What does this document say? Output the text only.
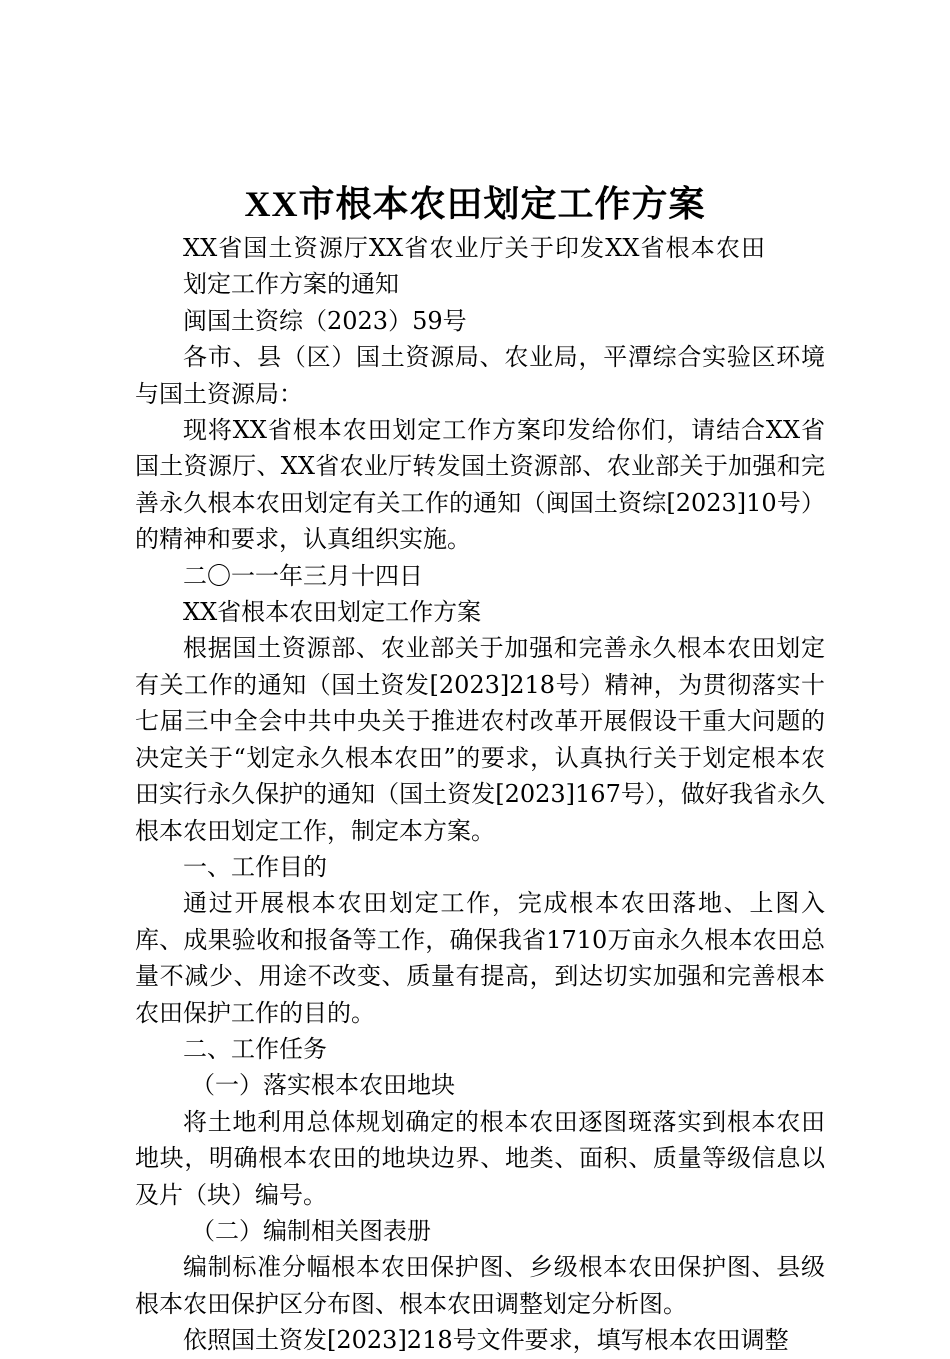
XX市根本农田划定工作方案

XX省国土资源厅XX省农业厅关于印发XX省根本农田划定工作方案的通知

闽国土资综（2023）59号

各市、县（区）国土资源局、农业局，平潭综合实验区环境与国土资源局：

现将XX省根本农田划定工作方案印发给你们，请结合XX省国土资源厅、XX省农业厅转发国土资源部、农业部关于加强和完善永久根本农田划定有关工作的通知（闽国土资综[2023]10号）的精神和要求，认真组织实施。

二〇一一年三月十四日

XX省根本农田划定工作方案

根据国土资源部、农业部关于加强和完善永久根本农田划定有关工作的通知（国土资发[2023]218号）精神，为贯彻落实十七届三中全会中共中央关于推进农村改革开展假设干重大问题的决定关于“划定永久根本农田”的要求，认真执行关于划定根本农田实行永久保护的通知（国土资发[2023]167号），做好我省永久根本农田划定工作，制定本方案。

一、工作目的

通过开展根本农田划定工作，完成根本农田落地、上图入库、成果验收和报备等工作，确保我省1710万亩永久根本农田总量不减少、用途不改变、质量有提高，到达切实加强和完善根本农田保护工作的目的。

二、工作任务

（一）落实根本农田地块

将土地利用总体规划确定的根本农田逐图斑落实到根本农田地块，明确根本农田的地块边界、地类、面积、质量等级信息以及片（块）编号。

（二）编制相关图表册

编制标准分幅根本农田保护图、乡级根本农田保护图、县级根本农田保护区分布图、根本农田调整划定分析图。

依照国土资发[2023]218号文件要求，填写根本农田调整
